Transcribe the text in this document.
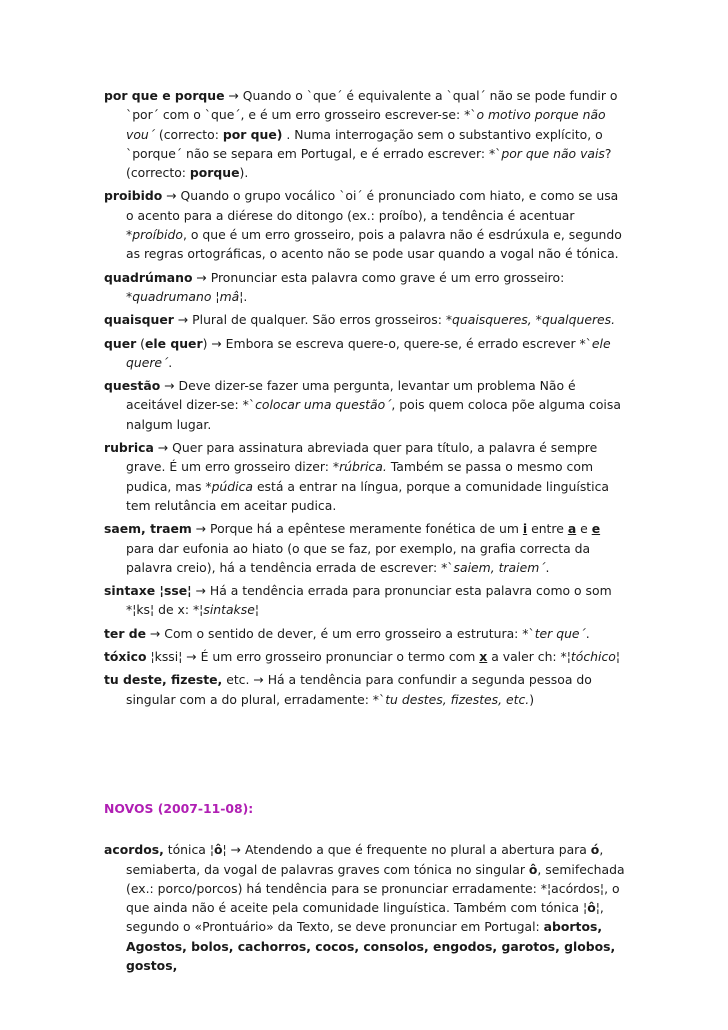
por que e porque → Quando o `que´ é equivalente a `qual´ não se pode fundir o `por´ com o `que´, e é um erro grosseiro escrever-se: *`o motivo porque não vou´ (correcto: por que) . Numa interrogação sem o substantivo explícito, o `porque´ não se separa em Portugal, e é errado escrever: *`por que não vais? (correcto: porque).

proibido → Quando o grupo vocálico `oi´ é pronunciado com hiato, e como se usa o acento para a diérese do ditongo (ex.: proíbo), a tendência é acentuar *proíbido, o que é um erro grosseiro, pois a palavra não é esdrúxula e, segundo as regras ortográficas, o acento não se pode usar quando a vogal não é tónica.

quadrúmano → Pronunciar esta palavra como grave é um erro grosseiro: *quadrumano ¦mâ¦.

quaisquer → Plural de qualquer. São erros grosseiros: *quaisqueres, *qualqueres.

quer (ele quer) → Embora se escreva quere-o, quere-se, é errado escrever *`ele quere´.

questão → Deve dizer-se fazer uma pergunta, levantar um problema Não é aceitável dizer-se: *`colocar uma questão´, pois quem coloca põe alguma coisa nalgum lugar.

rubrica → Quer para assinatura abreviada quer para título, a palavra é sempre grave. É um erro grosseiro dizer: *rúbrica. Também se passa o mesmo com pudica, mas *púdica está a entrar na língua, porque a comunidade linguística tem relutância em aceitar pudica.

saem, traem → Porque há a epêntese meramente fonética de um i entre a e e para dar eufonia ao hiato (o que se faz, por exemplo, na grafia correcta da palavra creio), há a tendência errada de escrever: *`saiem, traiem´.

sintaxe ¦sse¦ → Há a tendência errada para pronunciar esta palavra como o som *¦ks¦ de x: *¦sintakse¦

ter de → Com o sentido de dever, é um erro grosseiro a estrutura: *`ter que´.

tóxico ¦kssi¦ → É um erro grosseiro pronunciar o termo com x a valer ch: *¦tóchico¦

tu deste, fizeste, etc. → Há a tendência para confundir a segunda pessoa do singular com a do plural, erradamente: *`tu destes, fizestes, etc.)

NOVOS (2007-11-08):

acordos, tónica ¦ô¦ → Atendendo a que é frequente no plural a abertura para ó, semiaberta, da vogal de palavras graves com tónica no singular ô, semifechada (ex.: porco/porcos) há tendência para se pronunciar erradamente: *¦acórdos¦, o que ainda não é aceite pela comunidade linguística. Também com tónica ¦ô¦, segundo o «Prontuário» da Texto, se deve pronunciar em Portugal: abortos, Agostos, bolos, cachorros, cocos, consolos, engodos, garotos, globos, gostos,
